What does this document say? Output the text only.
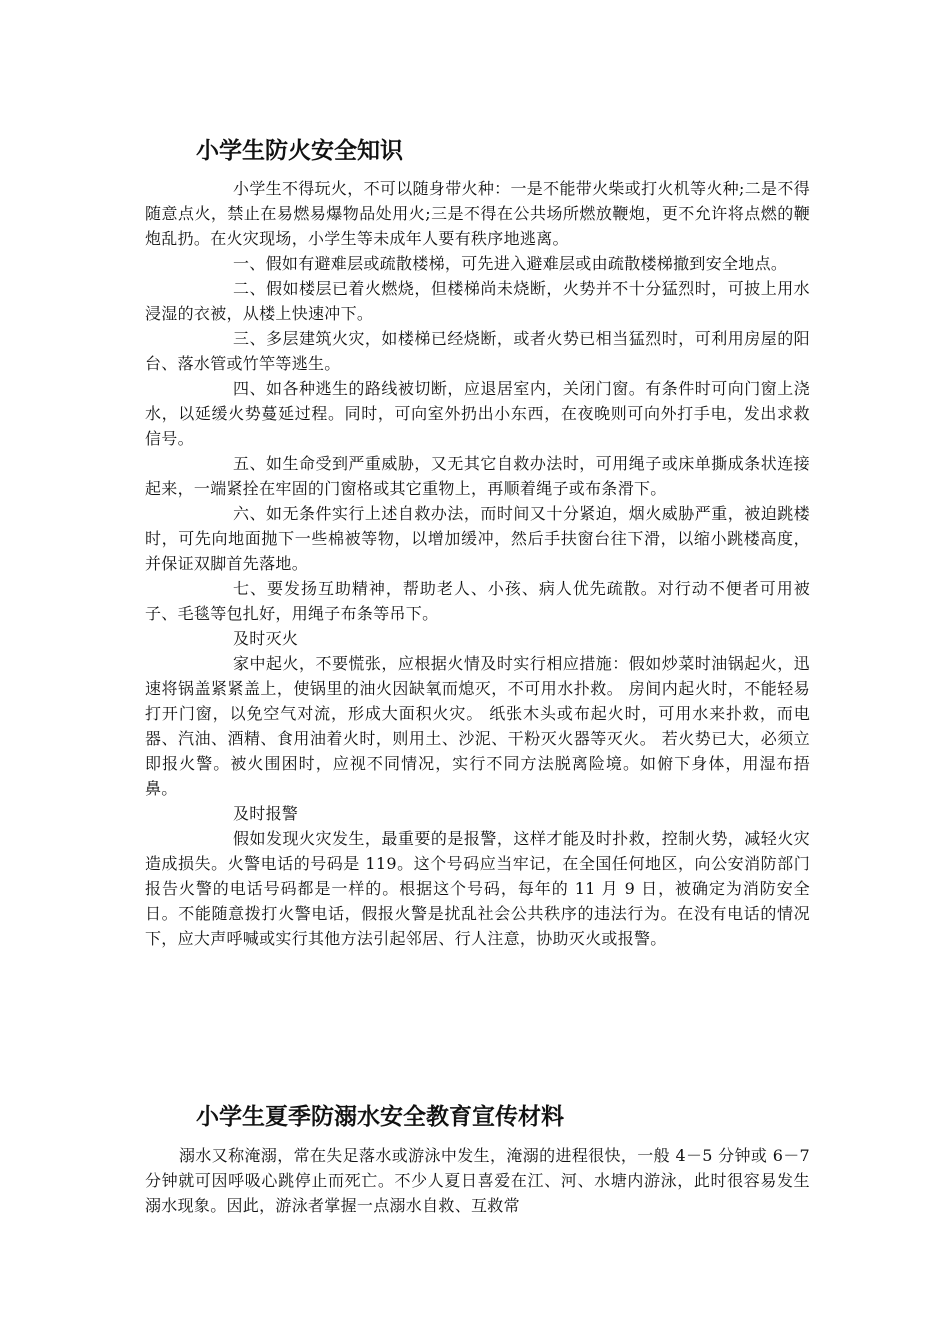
小学生防火安全知识

小学生不得玩火，不可以随身带火种：一是不能带火柴或打火机等火种;二是不得随意点火，禁止在易燃易爆物品处用火;三是不得在公共场所燃放鞭炮，更不允许将点燃的鞭炮乱扔。在火灾现场，小学生等未成年人要有秩序地逃离。

一、假如有避难层或疏散楼梯，可先进入避难层或由疏散楼梯撤到安全地点。

二、假如楼层已着火燃烧，但楼梯尚未烧断，火势并不十分猛烈时，可披上用水浸湿的衣被，从楼上快速冲下。

三、多层建筑火灾，如楼梯已经烧断，或者火势已相当猛烈时，可利用房屋的阳台、落水管或竹竿等逃生。

四、如各种逃生的路线被切断，应退居室内，关闭门窗。有条件时可向门窗上浇水，以延缓火势蔓延过程。同时，可向室外扔出小东西，在夜晚则可向外打手电，发出求救信号。

五、如生命受到严重威胁，又无其它自救办法时，可用绳子或床单撕成条状连接起来，一端紧拴在牢固的门窗格或其它重物上，再顺着绳子或布条滑下。

六、如无条件实行上述自救办法，而时间又十分紧迫，烟火威胁严重，被迫跳楼时，可先向地面抛下一些棉被等物，以增加缓冲，然后手扶窗台往下滑，以缩小跳楼高度，并保证双脚首先落地。

七、要发扬互助精神，帮助老人、小孩、病人优先疏散。对行动不便者可用被子、毛毯等包扎好，用绳子布条等吊下。

及时灭火

家中起火，不要慌张，应根据火情及时实行相应措施：假如炒菜时油锅起火，迅速将锅盖紧紧盖上，使锅里的油火因缺氧而熄灭，不可用水扑救。 房间内起火时，不能轻易打开门窗，以免空气对流，形成大面积火灾。 纸张木头或布起火时，可用水来扑救，而电器、汽油、酒精、食用油着火时，则用土、沙泥、干粉灭火器等灭火。 若火势已大，必须立即报火警。被火围困时，应视不同情况，实行不同方法脱离险境。如俯下身体，用湿布捂鼻。

及时报警

假如发现火灾发生，最重要的是报警，这样才能及时扑救，控制火势，减轻火灾造成损失。火警电话的号码是 119。这个号码应当牢记，在全国任何地区，向公安消防部门报告火警的电话号码都是一样的。根据这个号码，每年的 11 月 9 日，被确定为消防安全日。不能随意拨打火警电话，假报火警是扰乱社会公共秩序的违法行为。在没有电话的情况下，应大声呼喊或实行其他方法引起邻居、行人注意，协助灭火或报警。

小学生夏季防溺水安全教育宣传材料

溺水又称淹溺，常在失足落水或游泳中发生，淹溺的进程很快，一般 4－5 分钟或 6－7 分钟就可因呼吸心跳停止而死亡。不少人夏日喜爱在江、河、水塘内游泳，此时很容易发生溺水现象。因此，游泳者掌握一点溺水自救、互救常
